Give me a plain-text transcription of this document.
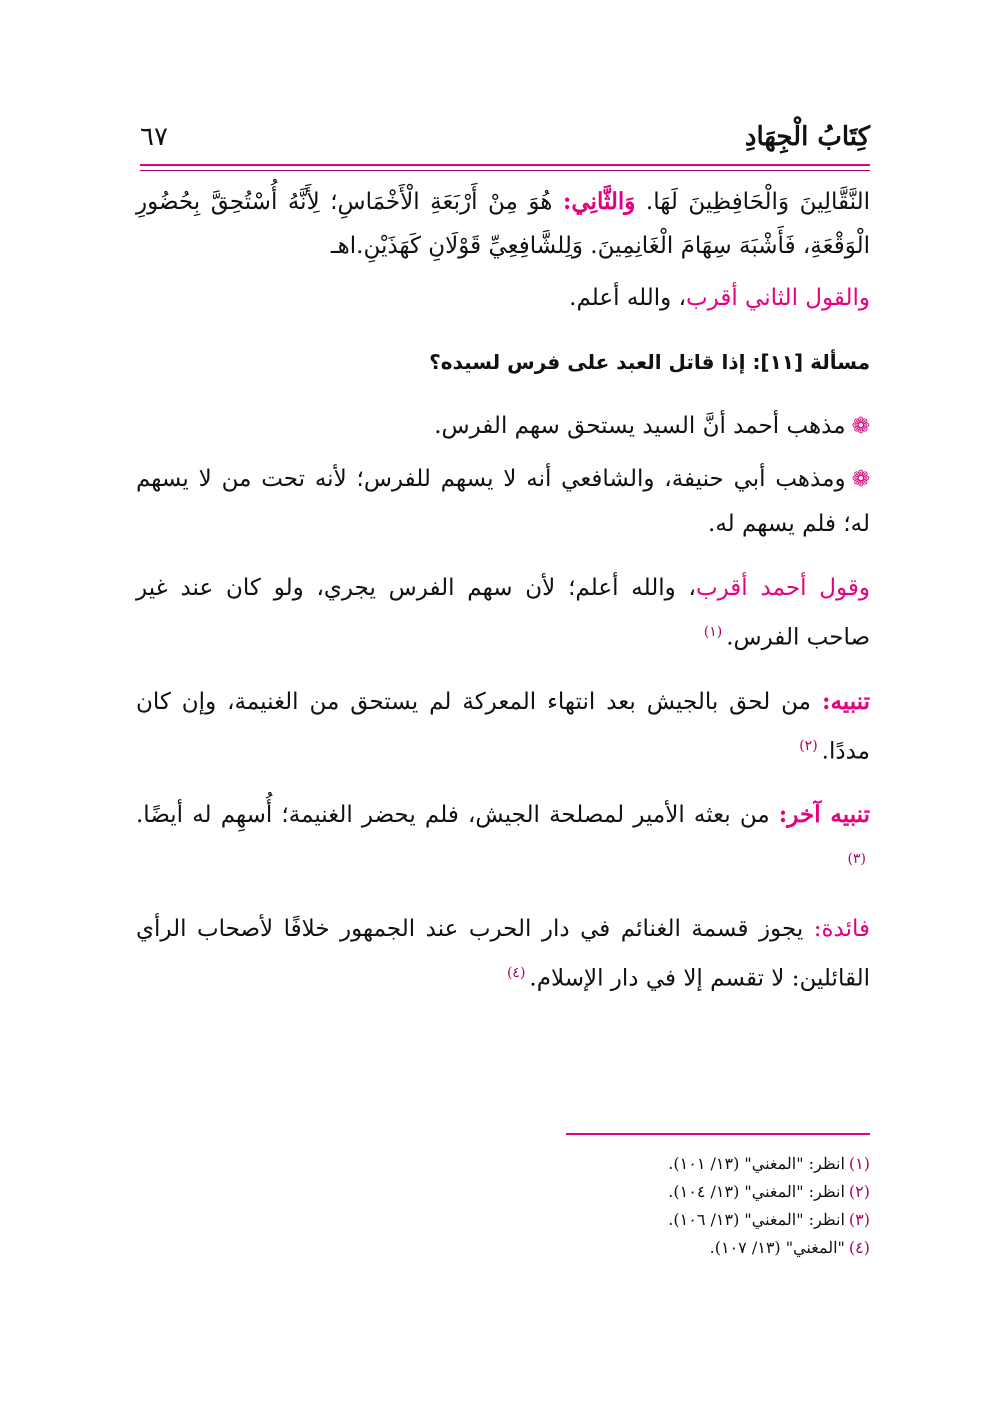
كِتَابُ الْجِهَادِ
٦٧

النَّقَّالِينَ وَالْحَافِظِينَ لَهَا. وَالثَّانِي: هُوَ مِنْ أَرْبَعَةِ الْأَخْمَاسِ؛ لِأَنَّهُ أُسْتُحِقَّ بِحُضُورِ الْوَقْعَةِ، فَأَشْبَهَ سِهَامَ الْغَانِمِينَ. وَلِلشَّافِعِيِّ قَوْلَانِ كَهَذَيْنِ.اهـ

والقول الثاني أقرب، والله أعلم.

مسألة [١١]: إذا قاتل العبد على فرس لسيده؟

❁مذهب أحمد أنَّ السيد يستحق سهم الفرس.

❁ومذهب أبي حنيفة، والشافعي أنه لا يسهم للفرس؛ لأنه تحت من لا يسهم له؛ فلم يسهم له.

وقول أحمد أقرب، والله أعلم؛ لأن سهم الفرس يجري، ولو كان عند غير صاحب الفرس.$^{(١)}$

تنبيه: من لحق بالجيش بعد انتهاء المعركة لم يستحق من الغنيمة، وإن كان مددًا.$^{(٢)}$

تنبيه آخر: من بعثه الأمير لمصلحة الجيش، فلم يحضر الغنيمة؛ أُسهِم له أيضًا.$^{(٣)}$

فائدة: يجوز قسمة الغنائم في دار الحرب عند الجمهور خلافًا لأصحاب الرأي القائلين: لا تقسم إلا في دار الإسلام.$^{(٤)}$

(١)انظر: "المغني" (١٣/ ١٠١).
(٢)انظر: "المغني" (١٣/ ١٠٤).
(٣)انظر: "المغني" (١٣/ ١٠٦).
(٤)"المغني" (١٣/ ١٠٧).
